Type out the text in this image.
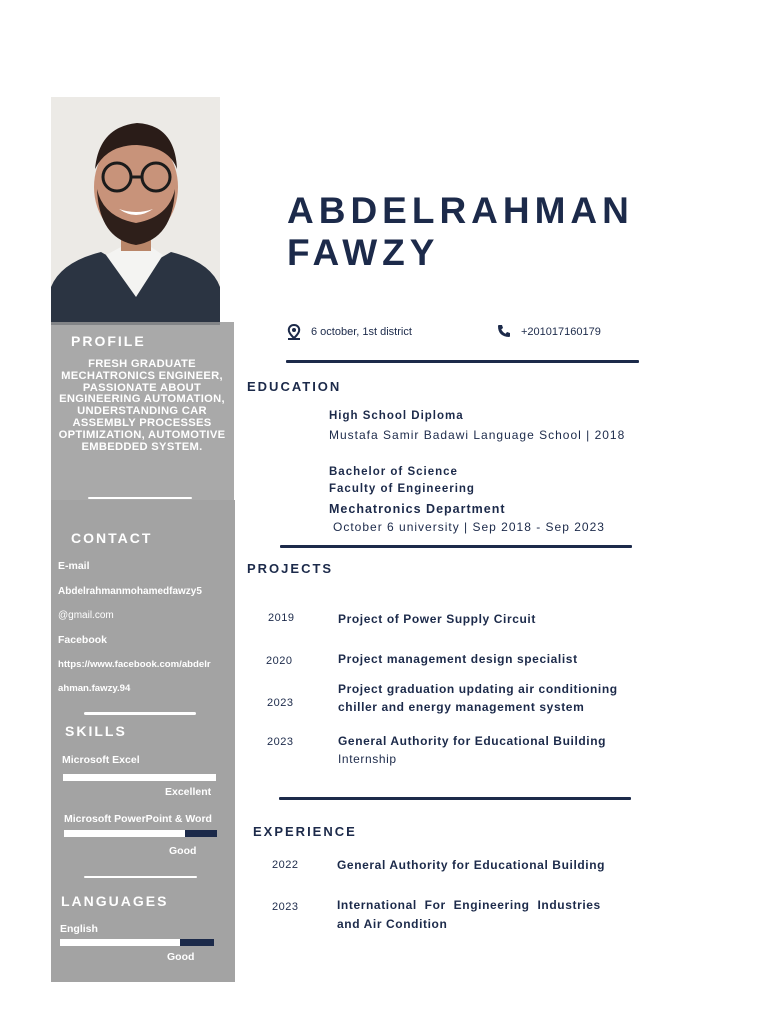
PROFILE
FRESH GRADUATE MECHATRONICS ENGINEER, PASSIONATE ABOUT ENGINEERING AUTOMATION, UNDERSTANDING CAR ASSEMBLY PROCESSES OPTIMIZATION, AUTOMOTIVE EMBEDDED SYSTEM.
CONTACT
E-mail
Abdelrahmanmohamedfawzy5
@gmail.com
Facebook
https://www.facebook.com/abdelr
ahman.fawzy.94
SKILLS
Microsoft Excel
Excellent
Microsoft PowerPoint & Word
Good
LANGUAGES
English
Good
ABDELRAHMAN
FAWZY
6 october, 1st district	+201017160179
EDUCATION
High School Diploma
Mustafa Samir Badawi Language School | 2018
Bachelor of Science
Faculty of Engineering
Mechatronics Department
October 6 university | Sep 2018 - Sep 2023
PROJECTS
2019	Project of Power Supply Circuit
2020	Project management design specialist
2023
Project graduation updating air conditioning
chiller and energy management system
2023	General Authority for Educational Building
Internship
EXPERIENCE
2022	General Authority for Educational Building
2023	International  For  Engineering  Industries
and Air Condition
